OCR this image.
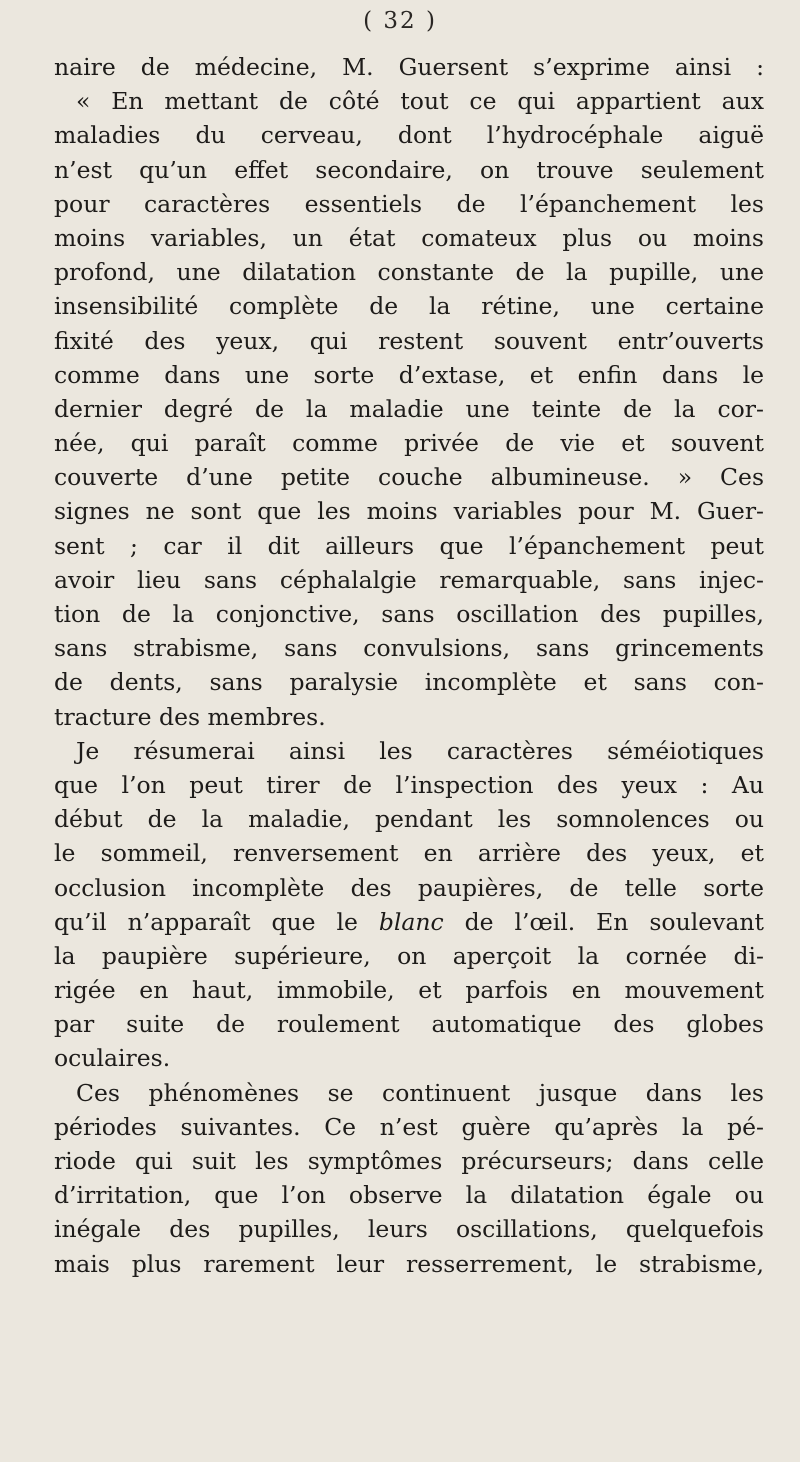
( 32 )
naire de médecine, M. Guersent s’exprime ainsi :
« En mettant de côté tout ce qui appartient aux
maladies du cerveau, dont l’hydrocéphale aiguë
n’est qu’un effet secondaire, on trouve seulement
pour caractères essentiels de l’épanchement les
moins variables, un état comateux plus ou moins
profond, une dilatation constante de la pupille, une
insensibilité complète de la rétine, une certaine
fixité des yeux, qui restent souvent entr’ouverts
comme dans une sorte d’extase, et enfin dans le
dernier degré de la maladie une teinte de la cor-
née, qui paraît comme privée de vie et souvent
couverte d’une petite couche albumineuse. » Ces
signes ne sont que les moins variables pour M. Guer-
sent ; car il dit ailleurs que l’épanchement peut
avoir lieu sans céphalalgie remarquable, sans injec-
tion de la conjonctive, sans oscillation des pupilles,
sans strabisme, sans convulsions, sans grincements
de dents, sans paralysie incomplète et sans con-
tracture des membres.
Je résumerai ainsi les caractères séméiotiques
que l’on peut tirer de l’inspection des yeux : Au
début de la maladie, pendant les somnolences ou
le sommeil, renversement en arrière des yeux, et
occlusion incomplète des paupières, de telle sorte
qu’il n’apparaît que le blanc de l’œil. En soulevant
la paupière supérieure, on aperçoit la cornée di-
rigée en haut, immobile, et parfois en mouvement
par suite de roulement automatique des globes
oculaires.
Ces phénomènes se continuent jusque dans les
périodes suivantes. Ce n’est guère qu’après la pé-
riode qui suit les symptômes précurseurs; dans celle
d’irritation, que l’on observe la dilatation égale ou
inégale des pupilles, leurs oscillations, quelquefois
mais plus rarement leur resserrement, le strabisme,
